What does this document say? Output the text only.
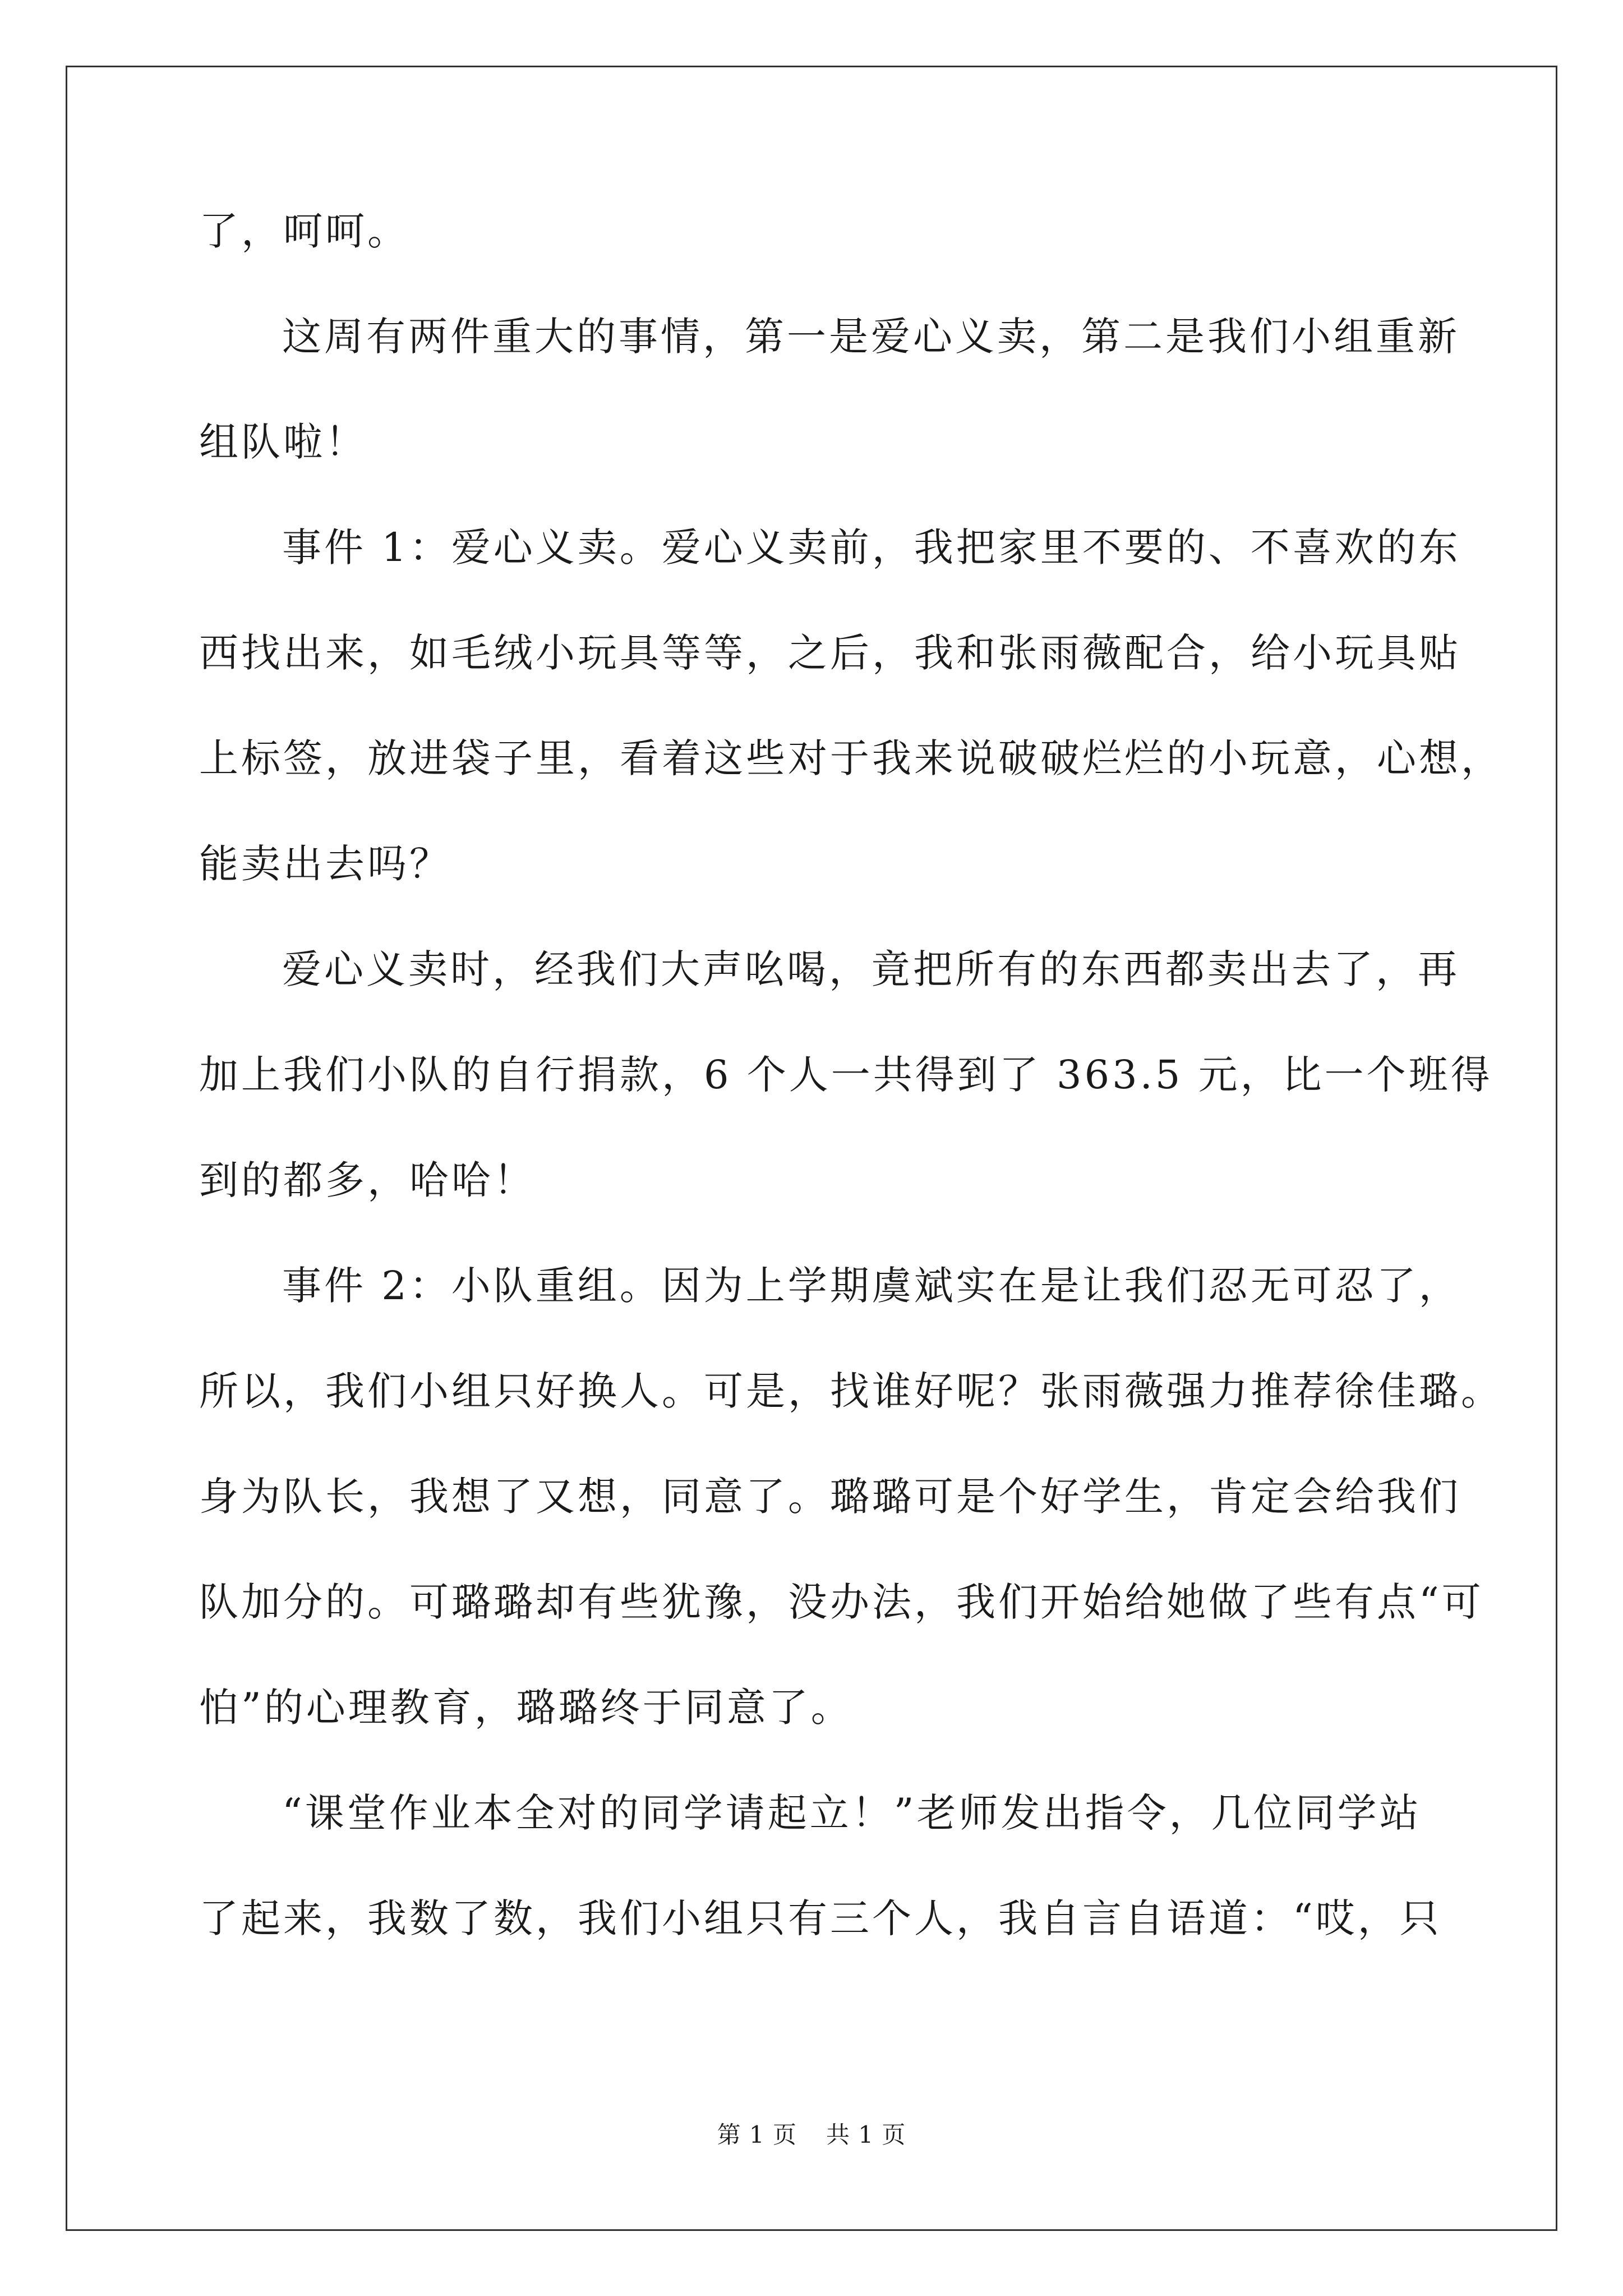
了，呵呵。
这周有两件重大的事情，第一是爱心义卖，第二是我们小组重新
组队啦！
事件 1：爱心义卖。爱心义卖前，我把家里不要的、不喜欢的东
西找出来，如毛绒小玩具等等，之后，我和张雨薇配合，给小玩具贴
上标签，放进袋子里，看着这些对于我来说破破烂烂的小玩意，心想，
能卖出去吗？
爱心义卖时，经我们大声吆喝，竟把所有的东西都卖出去了，再
加上我们小队的自行捐款，6 个人一共得到了 363.5 元，比一个班得
到的都多，哈哈！
事件 2：小队重组。因为上学期虞斌实在是让我们忍无可忍了，
所以，我们小组只好换人。可是，找谁好呢？张雨薇强力推荐徐佳璐。
身为队长，我想了又想，同意了。璐璐可是个好学生，肯定会给我们
队加分的。可璐璐却有些犹豫，没办法，我们开始给她做了些有点“可
怕”的心理教育，璐璐终于同意了。
“课堂作业本全对的同学请起立！”老师发出指令，几位同学站
了起来，我数了数，我们小组只有三个人，我自言自语道：“哎，只
第 1 页 共 1 页
